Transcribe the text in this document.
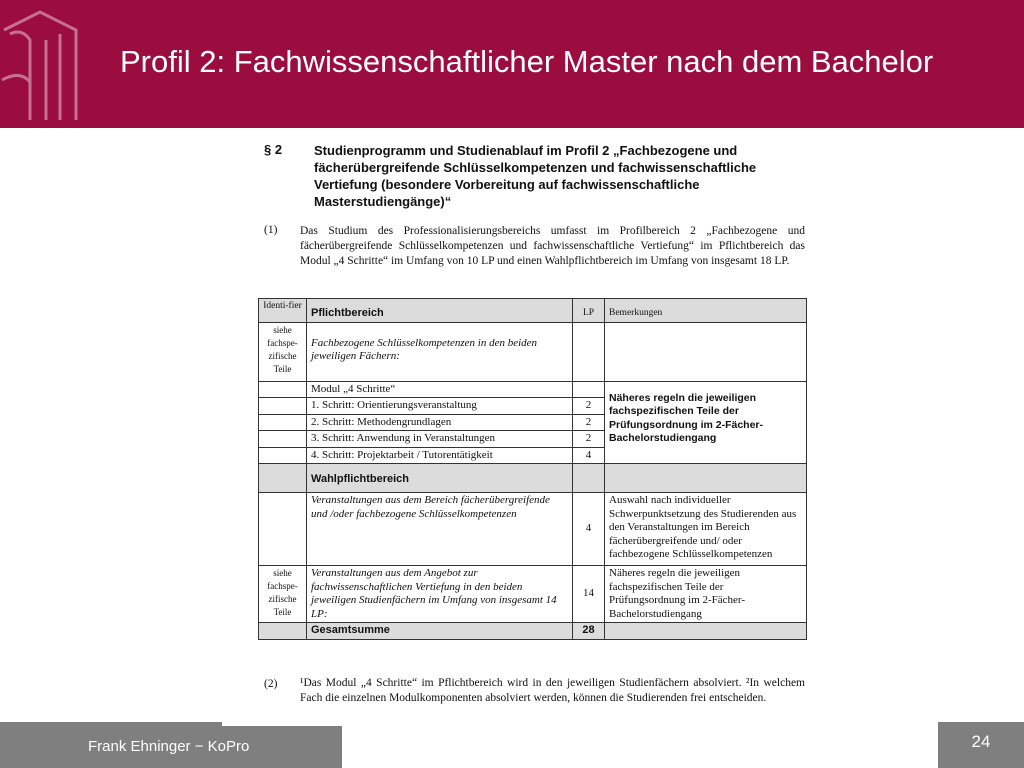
Profil 2: Fachwissenschaftlicher Master nach dem Bachelor
§ 2 Studienprogramm und Studienablauf im Profil 2 „Fachbezogene und fächerübergreifende Schlüsselkompetenzen und fachwissenschaftliche Vertiefung (besondere Vorbereitung auf fachwissenschaftliche Masterstudiengänge)“
(1) Das Studium des Professionalisierungsbereichs umfasst im Profilbereich 2 „Fachbezogene und fächerübergreifende Schlüsselkompetenzen und fachwissenschaftliche Vertiefung“ im Pflichtbereich das Modul „4 Schritte“ im Umfang von 10 LP und einen Wahlpflichtbereich im Umfang von insgesamt 18 LP.
Identi-fier	Pflichtbereich	LP	Bemerkungen
siehe fachspe-zifische Teile	Fachbezogene Schlüsselkompetenzen in den beiden jeweiligen Fächern:		
	Modul „4 Schritte“		Näheres regeln die jeweiligen fachspezifischen Teile der Prüfungsordnung im 2-Fächer- Bachelorstudiengang
	1. Schritt: Orientierungsveranstaltung	2	
	2. Schritt: Methodengrundlagen	2	
	3. Schritt: Anwendung in Veranstaltungen	2	
	4. Schritt: Projektarbeit / Tutorentätigkeit	4	
	Wahlpflichtbereich		
	Veranstaltungen aus dem Bereich fächerübergreifende und /oder fachbezogene Schlüsselkompetenzen	4	Auswahl nach individueller Schwerpunktsetzung des Studierenden aus den Veranstaltungen im Bereich fächerübergreifende und/ oder fachbezogene Schlüsselkompetenzen
siehe fachspe-zifische Teile	Veranstaltungen aus dem Angebot zur fachwissenschaftlichen Vertiefung in den beiden jeweiligen Studienfächern im Umfang von insgesamt 14 LP:	14	Näheres regeln die jeweiligen fachspezifischen Teile der Prüfungsordnung im 2-Fächer- Bachelorstudiengang
	Gesamtsumme	28	
(2) ¹Das Modul „4 Schritte“ im Pflichtbereich wird in den jeweiligen Studienfächern absolviert. ²In welchem Fach die einzelnen Modulkomponenten absolviert werden, können die Studierenden frei entscheiden.
Frank Ehninger − KoPro	24
